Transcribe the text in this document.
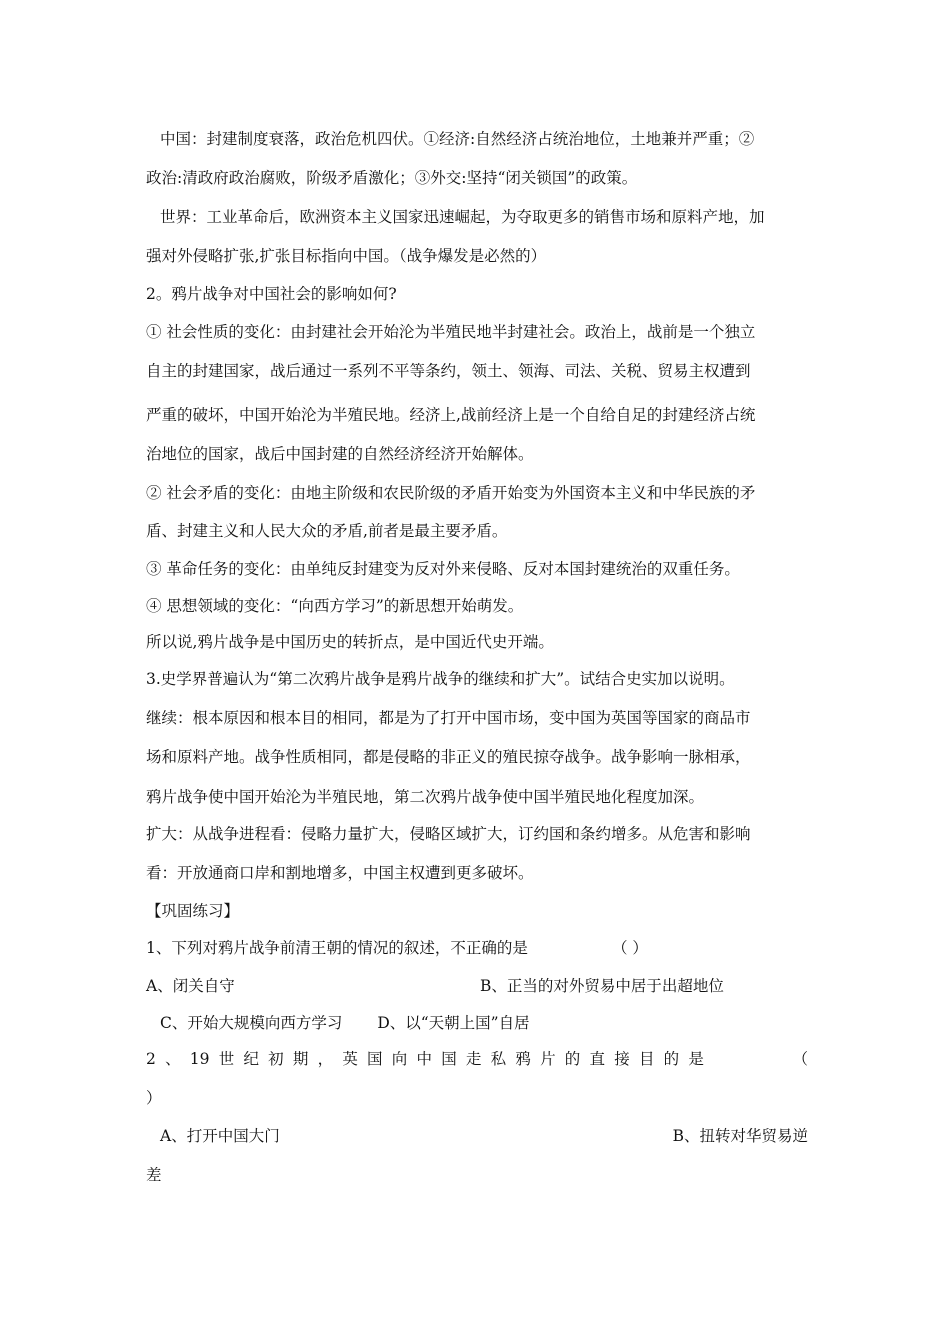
中国：封建制度衰落，政治危机四伏。①经济:自然经济占统治地位，土地兼并严重；②
政治:清政府政治腐败，阶级矛盾激化；③外交:坚持“闭关锁国”的政策。
世界：工业革命后，欧洲资本主义国家迅速崛起，为夺取更多的销售市场和原料产地，加
强对外侵略扩张,扩张目标指向中国。（战争爆发是必然的）
2。鸦片战争对中国社会的影响如何?
① 社会性质的变化：由封建社会开始沦为半殖民地半封建社会。政治上，战前是一个独立
自主的封建国家，战后通过一系列不平等条约，领土、领海、司法、关税、贸易主权遭到
严重的破坏，中国开始沦为半殖民地。经济上,战前经济上是一个自给自足的封建经济占统
治地位的国家，战后中国封建的自然经济经济开始解体。
② 社会矛盾的变化：由地主阶级和农民阶级的矛盾开始变为外国资本主义和中华民族的矛
盾、封建主义和人民大众的矛盾,前者是最主要矛盾。
③ 革命任务的变化：由单纯反封建变为反对外来侵略、反对本国封建统治的双重任务。
④ 思想领域的变化：“向西方学习”的新思想开始萌发。
所以说,鸦片战争是中国历史的转折点，是中国近代史开端。
3.史学界普遍认为“第二次鸦片战争是鸦片战争的继续和扩大”。试结合史实加以说明。
继续：根本原因和根本目的相同，都是为了打开中国市场，变中国为英国等国家的商品市
场和原料产地。战争性质相同，都是侵略的非正义的殖民掠夺战争。战争影响一脉相承，
鸦片战争使中国开始沦为半殖民地，第二次鸦片战争使中国半殖民地化程度加深。
扩大：从战争进程看：侵略力量扩大，侵略区域扩大，订约国和条约增多。从危害和影响
看：开放通商口岸和割地增多，中国主权遭到更多破坏。
【巩固练习】
1、下列对鸦片战争前清王朝的情况的叙述，不正确的是	（ ）
A、闭关自守	B、正当的对外贸易中居于出超地位
C、开始大规模向西方学习 D、以“天朝上国”自居
2 、 19 世 纪 初 期 ， 英 国 向 中 国 走 私 鸦 片 的 直 接 目 的 是	（
）
A、打开中国大门	B、扭转对华贸易逆
差
